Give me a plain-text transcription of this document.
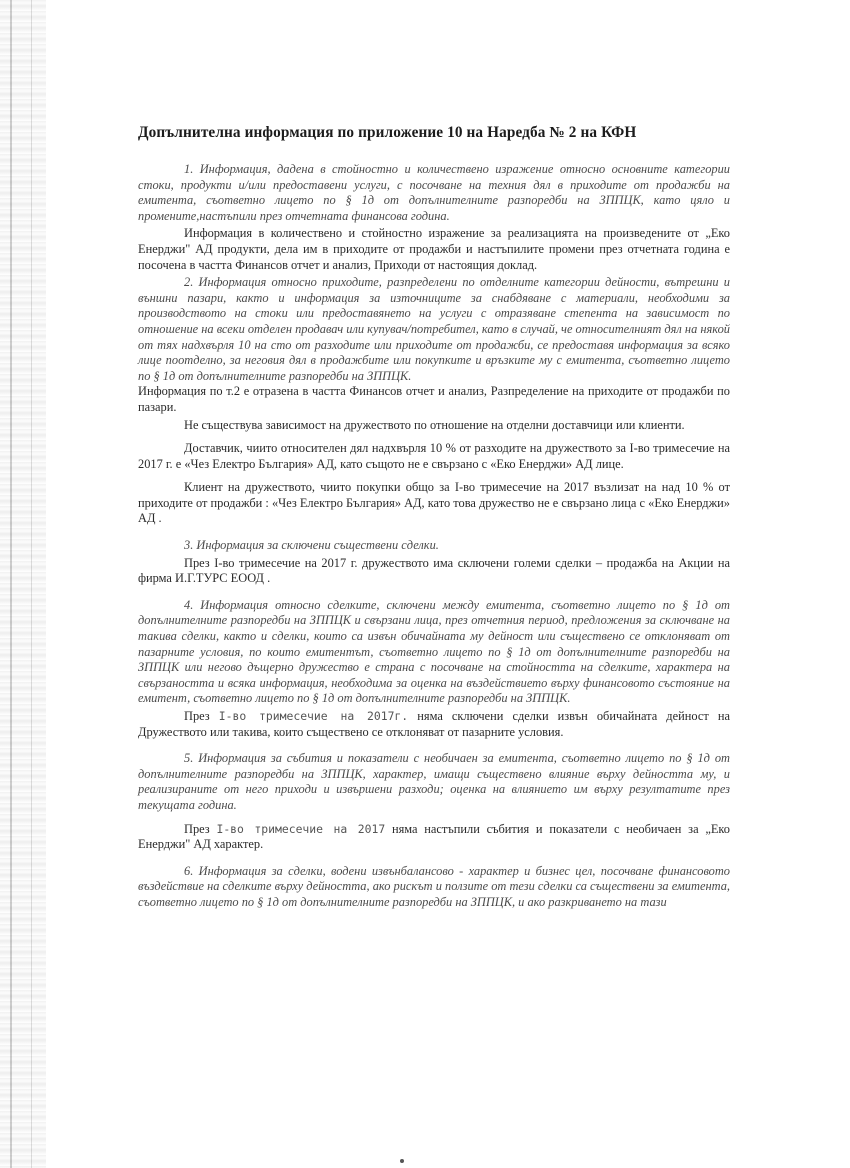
Допълнителна информация по приложение 10 на Наредба № 2 на КФН

1. Информация, дадена в стойностно и количествено изражение относно основните категории стоки, продукти и/или предоставени услуги, с посочване на техния дял в приходите от продажби на емитента, съответно лицето по § 1д от допълнителните разпоредби на ЗППЦК, като цяло и промените,настъпили през отчетната финансова година.

Информация в количествено и стойностно изражение за реализацията на произведените от „Еко Енерджи" АД продукти, дела им в приходите от продажби и настъпилите промени през отчетната година е посочена в частта Финансов отчет и анализ, Приходи от настоящия доклад.

2. Информация относно приходите, разпределени по отделните категории дейности, вътрешни и външни пазари, както и информация за източниците за снабдяване с материали, необходими за производството на стоки или предоставянето на услуги с отразяване степента на зависимост по отношение на всеки отделен продавач или купувач/потребител, като в случай, че относителният дял на някой от тях надхвърля 10 на сто от разходите или приходите от продажби, се предоставя информация за всяко лице поотделно, за неговия дял в продажбите или покупките и връзките му с емитента, съответно лицето по § 1д от допълнителните разпоредби на ЗППЦК.

Информация по т.2 е отразена в частта Финансов отчет и анализ, Разпределение на приходите от продажби по пазари.

Не съществува зависимост на дружеството по отношение на отделни доставчици или клиенти.

Доставчик, чиито относителен дял надхвърля 10 % от разходите на дружеството за I-во тримесечие на 2017 г. е «Чез Електро България» АД, като същото не е свързано с «Еко Енерджи» АД лице.

Клиент на дружеството, чиито покупки общо за I-во тримесечие на 2017 възлизат на над 10 % от приходите от продажби : «Чез Електро България» АД, като това дружество не е свързано лица с «Еко Енерджи» АД .

3. Информация за сключени съществени сделки.

През I-во тримесечие на 2017 г. дружеството има сключени големи сделки – продажба на Акции на фирма И.Г.ТУРС ЕООД .

4. Информация относно сделките, сключени между емитента, съответно лицето по § 1д от допълнителните разпоредби на ЗППЦК и свързани лица, през отчетния период, предложения за сключване на такива сделки, както и сделки, които са извън обичайната му дейност или съществено се отклоняват от пазарните условия, по които емитентът, съответно лицето по § 1д от допълнителните разпоредби на ЗППЦК или негово дъщерно дружество е страна с посочване на стойността на сделките, характера на свързаността и всяка информация, необходима за оценка на въздействието върху финансовото състояние на емитент, съответно лицето по § 1д от допълнителните разпоредби на ЗППЦК.

През I-во тримесечие на 2017г. няма сключени сделки извън обичайната дейност на Дружеството или такива, които съществено се отклоняват от пазарните условия.

5. Информация за събития и показатели с необичаен за емитента, съответно лицето по § 1д от допълнителните разпоредби на ЗППЦК, характер, имащи съществено влияние върху дейността му, и реализираните от него приходи и извършени разходи; оценка на влиянието им върху резултатите през текущата година.

През I-во тримесечие на 2017 няма настъпили събития и показатели с необичаен за „Еко Енерджи" АД характер.

6. Информация за сделки, водени извънбалансово - характер и бизнес цел, посочване финансовото въздействие на сделките върху дейността, ако рискът и ползите от тези сделки са съществени за емитента, съответно лицето по § 1д от допълнителните разпоредби на ЗППЦК, и ако разкриването на тази
